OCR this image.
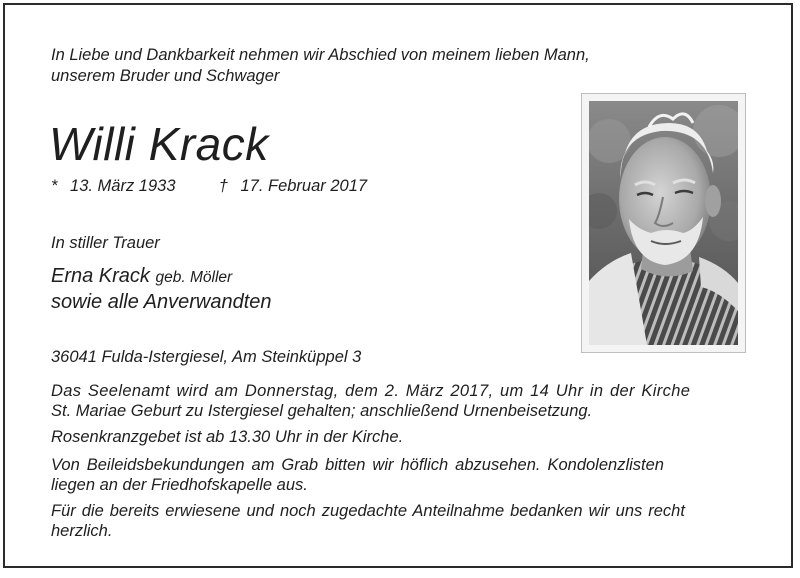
In Liebe und Dankbarkeit nehmen wir Abschied von meinem lieben Mann,
unserem Bruder und Schwager
Willi Krack
* 13. März 1933	† 17. Februar 2017
In stiller Trauer
Erna Krack geb. Möller
sowie alle Anverwandten
36041 Fulda-Istergiesel, Am Steinküppel 3
Das Seelenamt wird am Donnerstag, dem 2. März 2017, um 14 Uhr in der Kirche
St. Mariae Geburt zu Istergiesel gehalten; anschließend Urnenbeisetzung.
Rosenkranzgebet ist ab 13.30 Uhr in der Kirche.
Von Beileidsbekundungen am Grab bitten wir höflich abzusehen. Kondolenzlisten
liegen an der Friedhofskapelle aus.
Für die bereits erwiesene und noch zugedachte Anteilnahme bedanken wir uns recht
herzlich.
